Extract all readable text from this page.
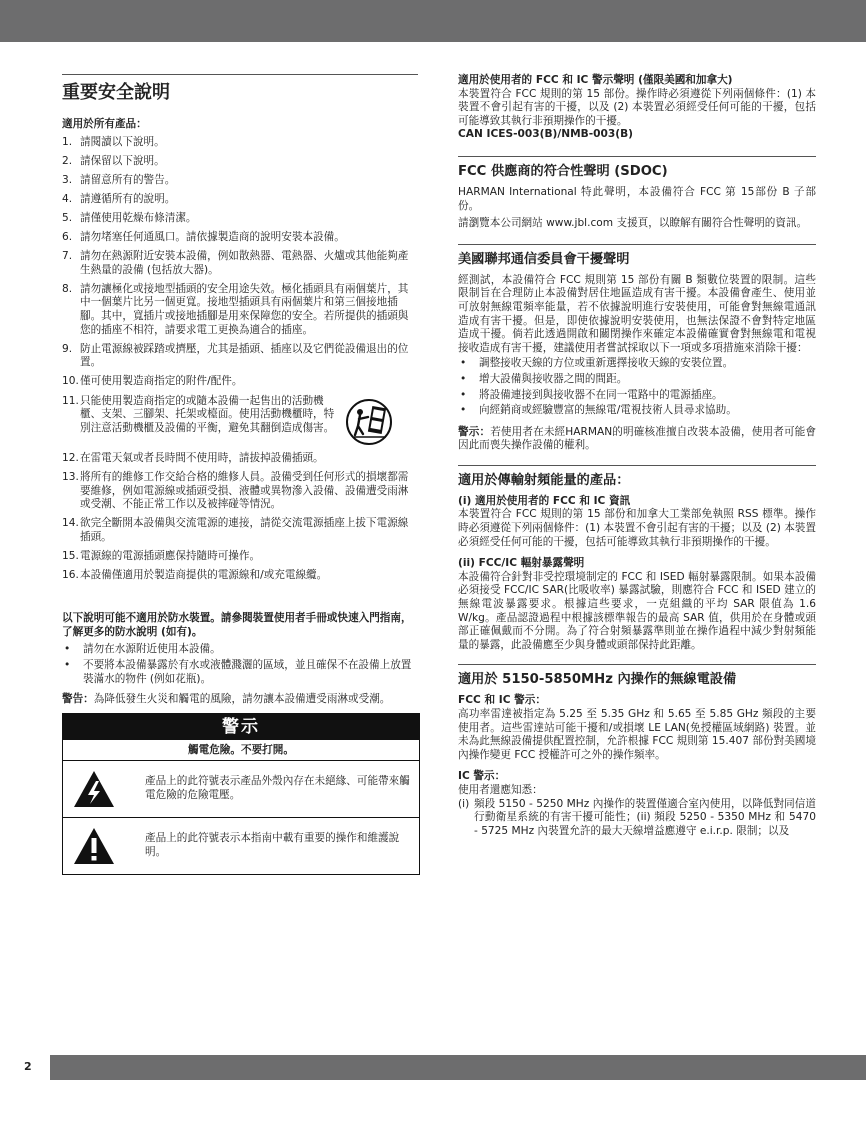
重要安全說明
適用於所有產品：
1. 請閱讀以下說明。
2. 請保留以下說明。
3. 請留意所有的警告。
4. 請遵循所有的說明。
5. 請僅使用乾燥布條清潔。
6. 請勿堵塞任何通風口。請依據製造商的說明安裝本設備。
7. 請勿在熱源附近安裝本設備，例如散熱器、電熱器、火爐或其他能夠產生熱量的設備 (包括放大器)。
8. 請勿讓極化或接地型插頭的安全用途失效。極化插頭具有兩個葉片，其中一個葉片比另一個更寬。接地型插頭具有兩個葉片和第三個接地插腳。其中，寬插片或接地插腳是用來保障您的安全。若所提供的插頭與您的插座不相符，請要求電工更換為適合的插座。
9. 防止電源線被踩踏或擠壓，尤其是插頭、插座以及它們從設備退出的位置。
10. 僅可使用製造商指定的附件/配件。
11. 只能使用製造商指定的或隨本設備一起售出的活動機櫃、支架、三腳架、托架或檯面。使用活動機櫃時，特別注意活動機櫃及設備的平衡，避免其翻倒造成傷害。
12. 在雷電天氣或者長時間不使用時，請拔掉設備插頭。
13. 將所有的維修工作交給合格的維修人員。設備受到任何形式的損壞都需要維修，例如電源線或插頭受損、液體或異物滲入設備、設備遭受雨淋或受潮、不能正常工作以及被摔碰等情況。
14. 欲完全斷開本設備與交流電源的連接，請從交流電源插座上拔下電源線插頭。
15. 電源線的電源插頭應保持隨時可操作。
16. 本設備僅適用於製造商提供的電源線和/或充電線纜。

以下說明可能不適用於防水裝置。請參閱裝置使用者手冊或快速入門指南，了解更多的防水說明 (如有)。

•	請勿在水源附近使用本設備。
•	不要將本設備暴露於有水或液體濺灑的區域，並且確保不在設備上放置裝滿水的物件 (例如花瓶)。

警告：為降低發生火災和觸電的風險，請勿讓本設備遭受雨淋或受潮。

警示
觸電危險。不要打開。
產品上的此符號表示產品外殼內存在未絕緣、可能帶來觸電危險的危險電壓。
產品上的此符號表示本指南中載有重要的操作和維護說明。

適用於使用者的 FCC 和 IC 警示聲明 (僅限美國和加拿大)

本裝置符合 FCC 規則的第 15 部份。操作時必須遵從下列兩個條件：(1) 本裝置不會引起有害的干擾，以及 (2) 本裝置必須經受任何可能的干擾，包括可能導致其執行非預期操作的干擾。

CAN ICES-003(B)/NMB-003(B)

FCC 供應商的符合性聲明 (SDOC)

HARMAN International 特此聲明，本設備符合 FCC 第 15部份 B 子部份。

請瀏覽本公司網站 www.jbl.com 支援頁，以瞭解有關符合性聲明的資訊。

美國聯邦通信委員會干擾聲明

經測試，本設備符合 FCC 規則第 15 部份有關 B 類數位裝置的限制。這些限制旨在合理防止本設備對居住地區造成有害干擾。本設備會產生、使用並可放射無線電頻率能量，若不依據說明進行安裝使用，可能會對無線電通訊造成有害干擾。但是，即使依據說明安裝使用，也無法保證不會對特定地區造成干擾。倘若此透過開啟和關閉操作來確定本設備確實會對無線電和電視接收造成有害干擾，建議使用者嘗試採取以下一項或多項措施來消除干擾：

•	調整接收天線的方位或重新選擇接收天線的安裝位置。
•	增大設備與接收器之間的間距。
•	將設備連接到與接收器不在同一電路中的電源插座。
•	向經銷商或經驗豐富的無線電/電視技術人員尋求協助。

警示：若使用者在未經HARMAN的明確核准擅自改裝本設備，使用者可能會因此而喪失操作設備的權利。

適用於傳輸射頻能量的產品：

(i) 適用於使用者的 FCC 和 IC 資訊

本裝置符合 FCC 規則的第 15 部份和加拿大工業部免執照 RSS 標準。操作時必須遵從下列兩個條件：(1) 本裝置不會引起有害的干擾；以及 (2) 本裝置必須經受任何可能的干擾，包括可能導致其執行非預期操作的干擾。

(ii) FCC/IC 輻射暴露聲明

本設備符合針對非受控環境制定的 FCC 和 ISED 輻射暴露限制。如果本設備必須接受 FCC/IC SAR(比吸收率) 暴露試驗，則應符合 FCC 和 ISED 建立的無線電波暴露要求。根據這些要求，一克組織的平均 SAR 限值為 1.6 W/kg。產品認證過程中根據該標準報告的最高 SAR 值，供用於在身體或頭部正確佩戴而不分開。為了符合射頻暴露準則並在操作過程中減少對射頻能量的暴露，此設備應至少與身體或頭部保持此距離。

適用於 5150-5850MHz 內操作的無線電設備

FCC 和 IC 警示：

高功率雷達被指定為 5.25 至 5.35 GHz 和 5.65 至 5.85 GHz 頻段的主要使用者。這些雷達站可能干擾和/或損壞 LE LAN(免授權區域網路) 裝置。並未為此無線設備提供配置控制，允許根據 FCC 規則第 15.407 部份對美國境內操作變更 FCC 授權許可之外的操作頻率。

IC 警示：

使用者還應知悉：

(i) 頻段 5150 - 5250 MHz 內操作的裝置僅適合室內使用，以降低對同信道行動衛星系統的有害干擾可能性；(ii) 頻段 5250 - 5350 MHz 和 5470 - 5725 MHz 內裝置允許的最大天線增益應遵守 e.i.r.p. 限制；以及
2
